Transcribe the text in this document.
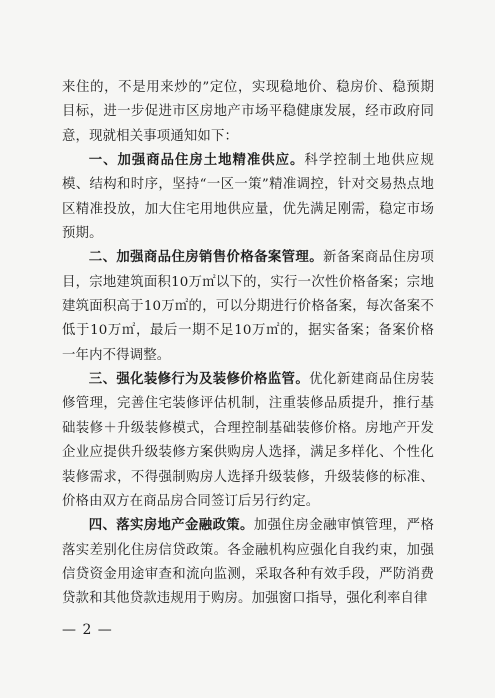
来住的，不是用来炒的”定位，实现稳地价、稳房价、稳预期目标，进一步促进市区房地产市场平稳健康发展，经市政府同意，现就相关事项通知如下：

一、加强商品住房土地精准供应。科学控制土地供应规模、结构和时序，坚持“一区一策”精准调控，针对交易热点地区精准投放，加大住宅用地供应量，优先满足刚需，稳定市场预期。

二、加强商品住房销售价格备案管理。新备案商品住房项目，宗地建筑面积10万㎡以下的，实行一次性价格备案；宗地建筑面积高于10万㎡的，可以分期进行价格备案，每次备案不低于10万㎡，最后一期不足10万㎡的，据实备案；备案价格一年内不得调整。

三、强化装修行为及装修价格监管。优化新建商品住房装修管理，完善住宅装修评估机制，注重装修品质提升，推行基础装修＋升级装修模式，合理控制基础装修价格。房地产开发企业应提供升级装修方案供购房人选择，满足多样化、个性化装修需求，不得强制购房人选择升级装修，升级装修的标准、价格由双方在商品房合同签订后另行约定。

四、落实房地产金融政策。加强住房金融审慎管理，严格落实差别化住房信贷政策。各金融机构应强化自我约束，加强信贷资金用途审查和流向监测，采取各种有效手段，严防消费贷款和其他贷款违规用于购房。加强窗口指导，强化利率自律

— 2 —
